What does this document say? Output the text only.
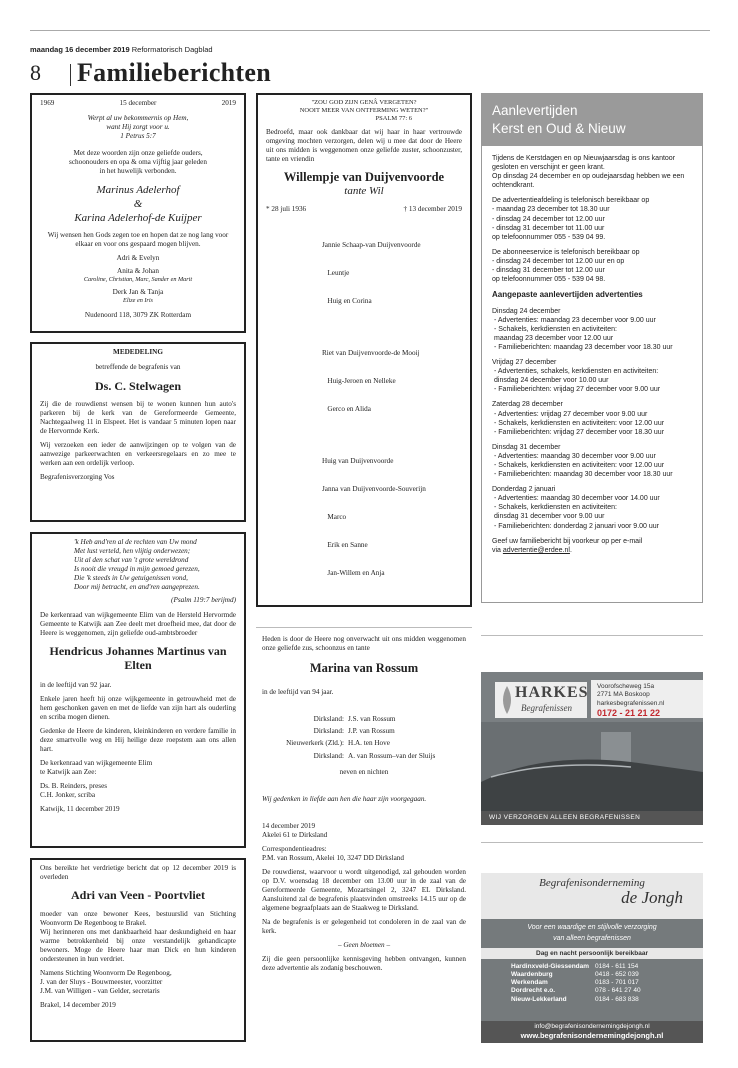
maandag 16 december 2019 Reformatorisch Dagblad
8 Familieberichten
1969	15 december	2019
Werpt al uw bekommernis op Hem,
want Hij zorgt voor u.
1 Petrus 5:7
Met deze woorden zijn onze geliefde ouders,
schoonouders en opa & oma vijftig jaar geleden
in het huwelijk verbonden.
Marinus Adelerhof
&
Karina Adelerhof-de Kuijper

Wij wensen hen Gods zegen toe en hopen dat ze nog lang voor elkaar en voor ons gespaard mogen blijven.

Adri & Evelyn
Anita & Johan
Caroline, Christian, Marc, Sander en Marit
Derk Jan & Tanja
Elize en Iris
Nudenoord 118, 3079 ZK Rotterdam
MEDEDELING
betreffende de begrafenis van
Ds. C. Stelwagen

Zij die de rouwdienst wensen bij te wonen kunnen hun auto's parkeren bij de kerk van de Gereformeerde Gemeente, Nachtegaalweg 11 in Elspeet. Het is vandaar 5 minuten lopen naar de Hervormde Kerk.

Wij verzoeken een ieder de aanwijzingen op te volgen van de aanwezige parkeerwachten en verkeersregelaars en zo mee te werken aan een ordelijk verloop.

Begrafenisverzorging Vos
'k Heb and'ren al de rechten van Uw mond
Met lust verteld, hen vlijtig onderwezen;
Uit al den schat van 't grote wereldrond
Is nooit die vreugd in mijn gemoed gerezen,
Die 'k steeds in Uw getuigenissen vond,
Door mij betracht, en and'ren aangeprezen.
(Psalm 119:7 berijmd)

De kerkenraad van wijkgemeente Elim van de Hersteld Hervormde Gemeente te Katwijk aan Zee deelt met droefheid mee, dat door de Heere is weggenomen, zijn geliefde oud-ambtsbroeder

Hendricus Johannes Martinus van Elten

in de leeftijd van 92 jaar.

Enkele jaren heeft hij onze wijkgemeente in getrouwheid met de hem geschonken gaven en met de liefde van zijn hart als ouderling en scriba mogen dienen.

Gedenke de Heere de kinderen, kleinkinderen en verdere familie in deze smartvolle weg en Hij heilige deze roepstem aan ons allen hart.

De kerkenraad van wijkgemeente Elim

te Katwijk aan Zee:

Ds. B. Reinders, preses

C.H. Jonker, scriba

Katwijk, 11 december 2019

Ons bereikte het verdrietige bericht dat op 12 december 2019 is overleden

Adri van Veen - Poortvliet
moeder van onze bewoner Kees, bestuurslid van Stichting Woonvorm De Regenboog te Brakel.

Wij herinneren ons met dankbaarheid haar deskundigheid en haar warme betrokkenheid bij onze verstandelijk gehandicapte bewoners. Moge de Heere haar man Dick en hun kinderen ondersteunen in hun verdriet.

Namens Stichting Woonvorm De Regenboog,
J. van der Sluys - Bouwmeester, voorzitter

J.M. van Willigen - van Gelder, secretaris

Brakel, 14 december 2019
"ZOU GOD ZIJN GENÂ VERGETEN?
NOOIT MEER VAN ONTFERMING WETEN?"
PSALM 77: 6

Bedroefd, maar ook dankbaar dat wij haar in haar vertrouwde omgeving mochten verzorgen, delen wij u mee dat door de Heere uit ons midden is weggenomen onze geliefde zuster, schoonzuster, tante en vriendin

Willempje van Duijvenvoorde
tante Wil
* 28 juli 1936	† 13 december 2019

Jannie Schaap-van Duijvenvoorde

Leuntje

Huig en Corina

Riet van Duijvenvoorde-de Mooij

Huig-Jeroen en Nelleke

Gerco en Alida

Huig van Duijvenvoorde

Janna van Duijvenvoorde-Souverijn

Marco

Erik en Sanne

Jan-Willem en Anja

Heden is door de Heere nog onverwacht uit ons midden weggenomen onze geliefde zus, schoonzus en tante

Marina van Rossum

in de leeftijd van 94 jaar.

Dirksland: J.S. van Rossum
Dirksland: J.P. van Rossum
Nieuwerkerk (Zld.): H.A. ten Hove
Dirksland: A. van Rossum–van der Sluijs
neven en nichten

Wij gedenken in liefde aan hen die haar zijn voorgegaan.

14 december 2019

Akelei 61 te Dirksland

Correspondentieadres:

P.M. van Rossum, Akelei 10, 3247 DD Dirksland

De rouwdienst, waarvoor u wordt uitgenodigd, zal gehouden worden op D.V. woensdag 18 december om 13.00 uur in de zaal van de Gereformeerde Gemeente, Mozartsingel 2, 3247 EL Dirksland. Aansluitend zal de begrafenis plaatsvinden omstreeks 14.15 uur op de algemene begraafplaats aan de Staakweg te Dirksland.

Na de begrafenis is er gelegenheid tot condoleren in de zaal van de kerk.

– Geen bloemen –

Zij die geen persoonlijke kennisgeving hebben ontvangen, kunnen deze advertentie als zodanig beschouwen.
Aanlevertijden
Kerst en Oud & Nieuw
Tijdens de Kerstdagen en op Nieuwjaarsdag is ons kantoor gesloten en verschijnt er geen krant.
Op dinsdag 24 december en op oudejaarsdag hebben we een ochtendkrant.
De advertentieafdeling is telefonisch bereikbaar op
- maandag 23 december tot 18.30 uur
- dinsdag 24 december tot 12.00 uur
- dinsdag 31 december tot 11.00 uur
op telefoonnummer 055 - 539 04 99.
De abonneeservice is telefonisch bereikbaar op
- dinsdag 24 december tot 12.00 uur en op
- dinsdag 31 december tot 12.00 uur
op telefoonnummer 055 - 539 04 98.
Aangepaste aanlevertijden advertenties
Dinsdag 24 december
- Advertenties: maandag 23 december voor 9.00 uur
- Schakels, kerkdiensten en activiteiten:
maandag 23 december voor 12.00 uur
- Familieberichten: maandag 23 december voor 18.30 uur
Vrijdag 27 december
- Advertenties, schakels, kerkdiensten en activiteiten:
dinsdag 24 december voor 10.00 uur
- Familieberichten: vrijdag 27 december voor 9.00 uur
Zaterdag 28 december
- Advertenties: vrijdag 27 december voor 9.00 uur
- Schakels, kerkdiensten en activiteiten: voor 12.00 uur
- Familieberichten: vrijdag 27 december voor 18.30 uur
Dinsdag 31 december
- Advertenties: maandag 30 december voor 9.00 uur
- Schakels, kerkdiensten en activiteiten: voor 12.00 uur
- Familieberichten: maandag 30 december voor 18.30 uur
Donderdag 2 januari
- Advertenties: maandag 30 december voor 14.00 uur
- Schakels, kerkdiensten en activiteiten:
dinsdag 31 december voor 9.00 uur
- Familieberichten: donderdag 2 januari voor 9.00 uur
Geef uw familiebericht bij voorkeur op per e-mail
via advertentie@erdee.nl.
HARKES
Begrafenissen
Voorofscheweg 15a
2771 MA Boskoop
harkesbegrafenissen.nl
0172 - 21 21 22
WIJ VERZORGEN ALLEEN BEGRAFENISSEN
Begrafenisonderneming
de Jongh
Voor een waardige en stijlvolle verzorging
van alleen begrafenissen
Dag en nacht persoonlijk bereikbaar
Hardinxveld-Giessendam	0184 - 611 154
Waardenburg	0418 - 652 039
Werkendam	0183 - 701 017
Dordrecht e.o.	078 - 641 27 40
Nieuw-Lekkerland	0184 - 683 838
info@begrafenisondernemingdejongh.nl
www.begrafenisondernemingdejongh.nl
